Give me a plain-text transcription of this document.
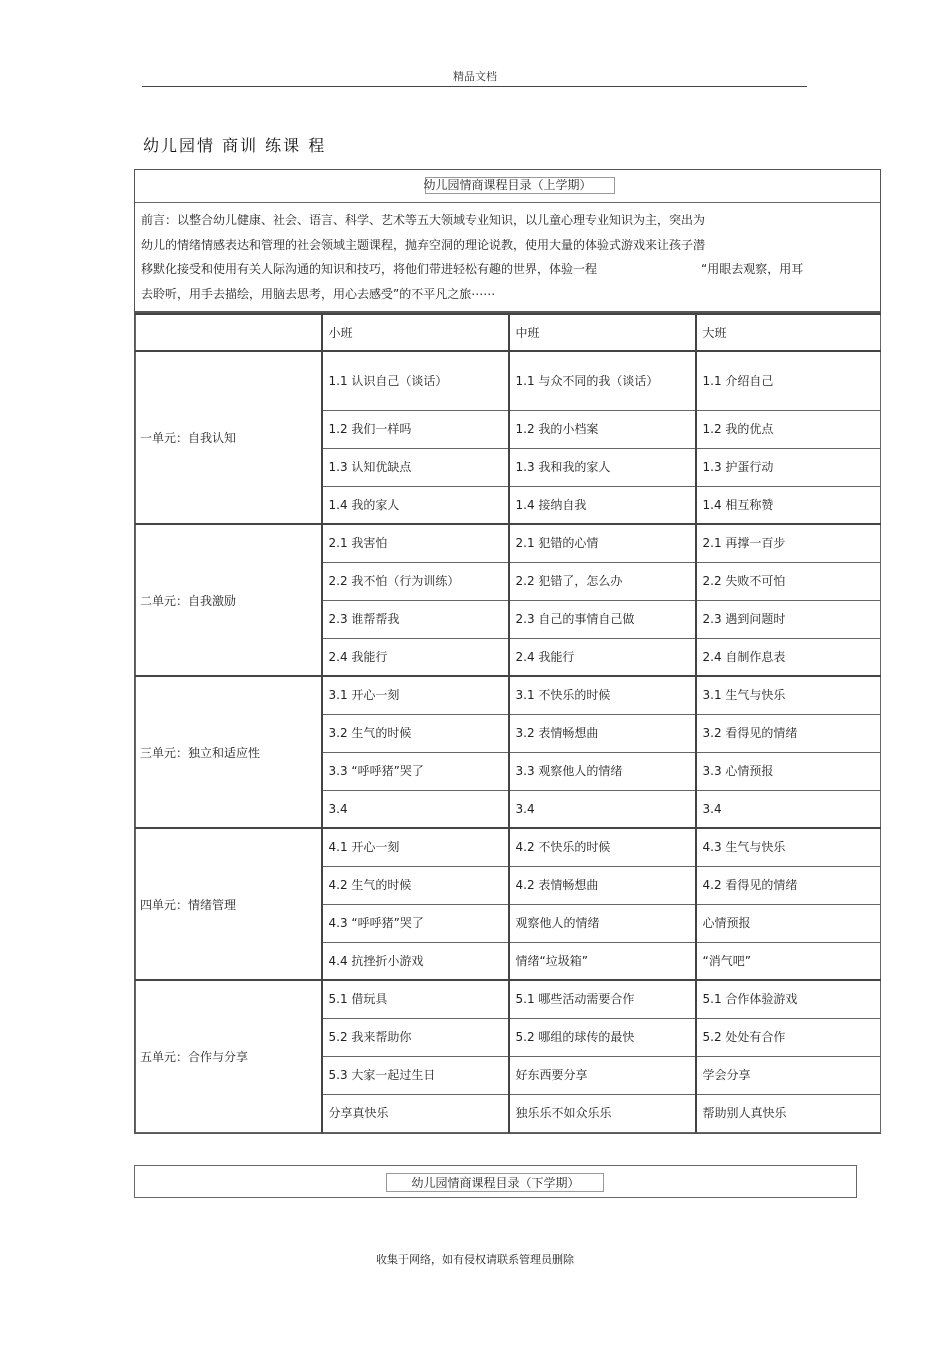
精品文档
幼儿园情 商训 练课 程
幼儿园情商课程目录（上学期）

前言：以整合幼儿健康、社会、语言、科学、艺术等五大领域专业知识，以儿童心理专业知识为主，突出为

幼儿的情绪情感表达和管理的社会领域主题课程，抛弃空洞的理论说教，使用大量的体验式游戏来让孩子潜

移默化接受和使用有关人际沟通的知识和技巧，将他们带进轻松有趣的世界，体验一程	“用眼去观察，用耳

去聆听，用手去描绘，用脑去思考，用心去感受”的不平凡之旅⋯⋯

	小班	中班	大班
一单元：自我认知	1.1 认识自己（谈话）	1.1 与众不同的我（谈话）	1.1 介绍自己

	1.2 我们一样吗	1.2 我的小档案	1.2 我的优点

	1.3 认知优缺点	1.3 我和我的家人	1.3 护蛋行动

	1.4 我的家人	1.4 接纳自我	1.4 相互称赞

二单元：自我激励	2.1 我害怕	2.1 犯错的心情	2.1 再撑一百步

	2.2 我不怕（行为训练）	2.2 犯错了，怎么办	2.2 失败不可怕

	2.3 谁帮帮我	2.3 自己的事情自己做	2.3 遇到问题时

	2.4 我能行	2.4 我能行	2.4 自制作息表

三单元：独立和适应性	3.1 开心一刻	3.1 不快乐的时候	3.1 生气与快乐

	3.2 生气的时候	3.2 表情畅想曲	3.2 看得见的情绪

	3.3 “呼呼猪”哭了	3.3 观察他人的情绪	3.3 心情预报

	3.4	3.4	3.4

四单元：情绪管理	4.1 开心一刻	4.2 不快乐的时候	4.3 生气与快乐

	4.2 生气的时候	4.2 表情畅想曲	4.2 看得见的情绪

	4.3 “呼呼猪”哭了	观察他人的情绪	心情预报

	4.4 抗挫折小游戏	情绪“垃圾箱”	“消气吧”

五单元：合作与分享	5.1 借玩具	5.1 哪些活动需要合作	5.1 合作体验游戏

	5.2 我来帮助你	5.2 哪组的球传的最快	5.2 处处有合作

	5.3 大家一起过生日	好东西要分享	学会分享

	分享真快乐	独乐乐不如众乐乐	帮助别人真快乐
幼儿园情商课程目录（下学期）
收集于网络，如有侵权请联系管理员删除
